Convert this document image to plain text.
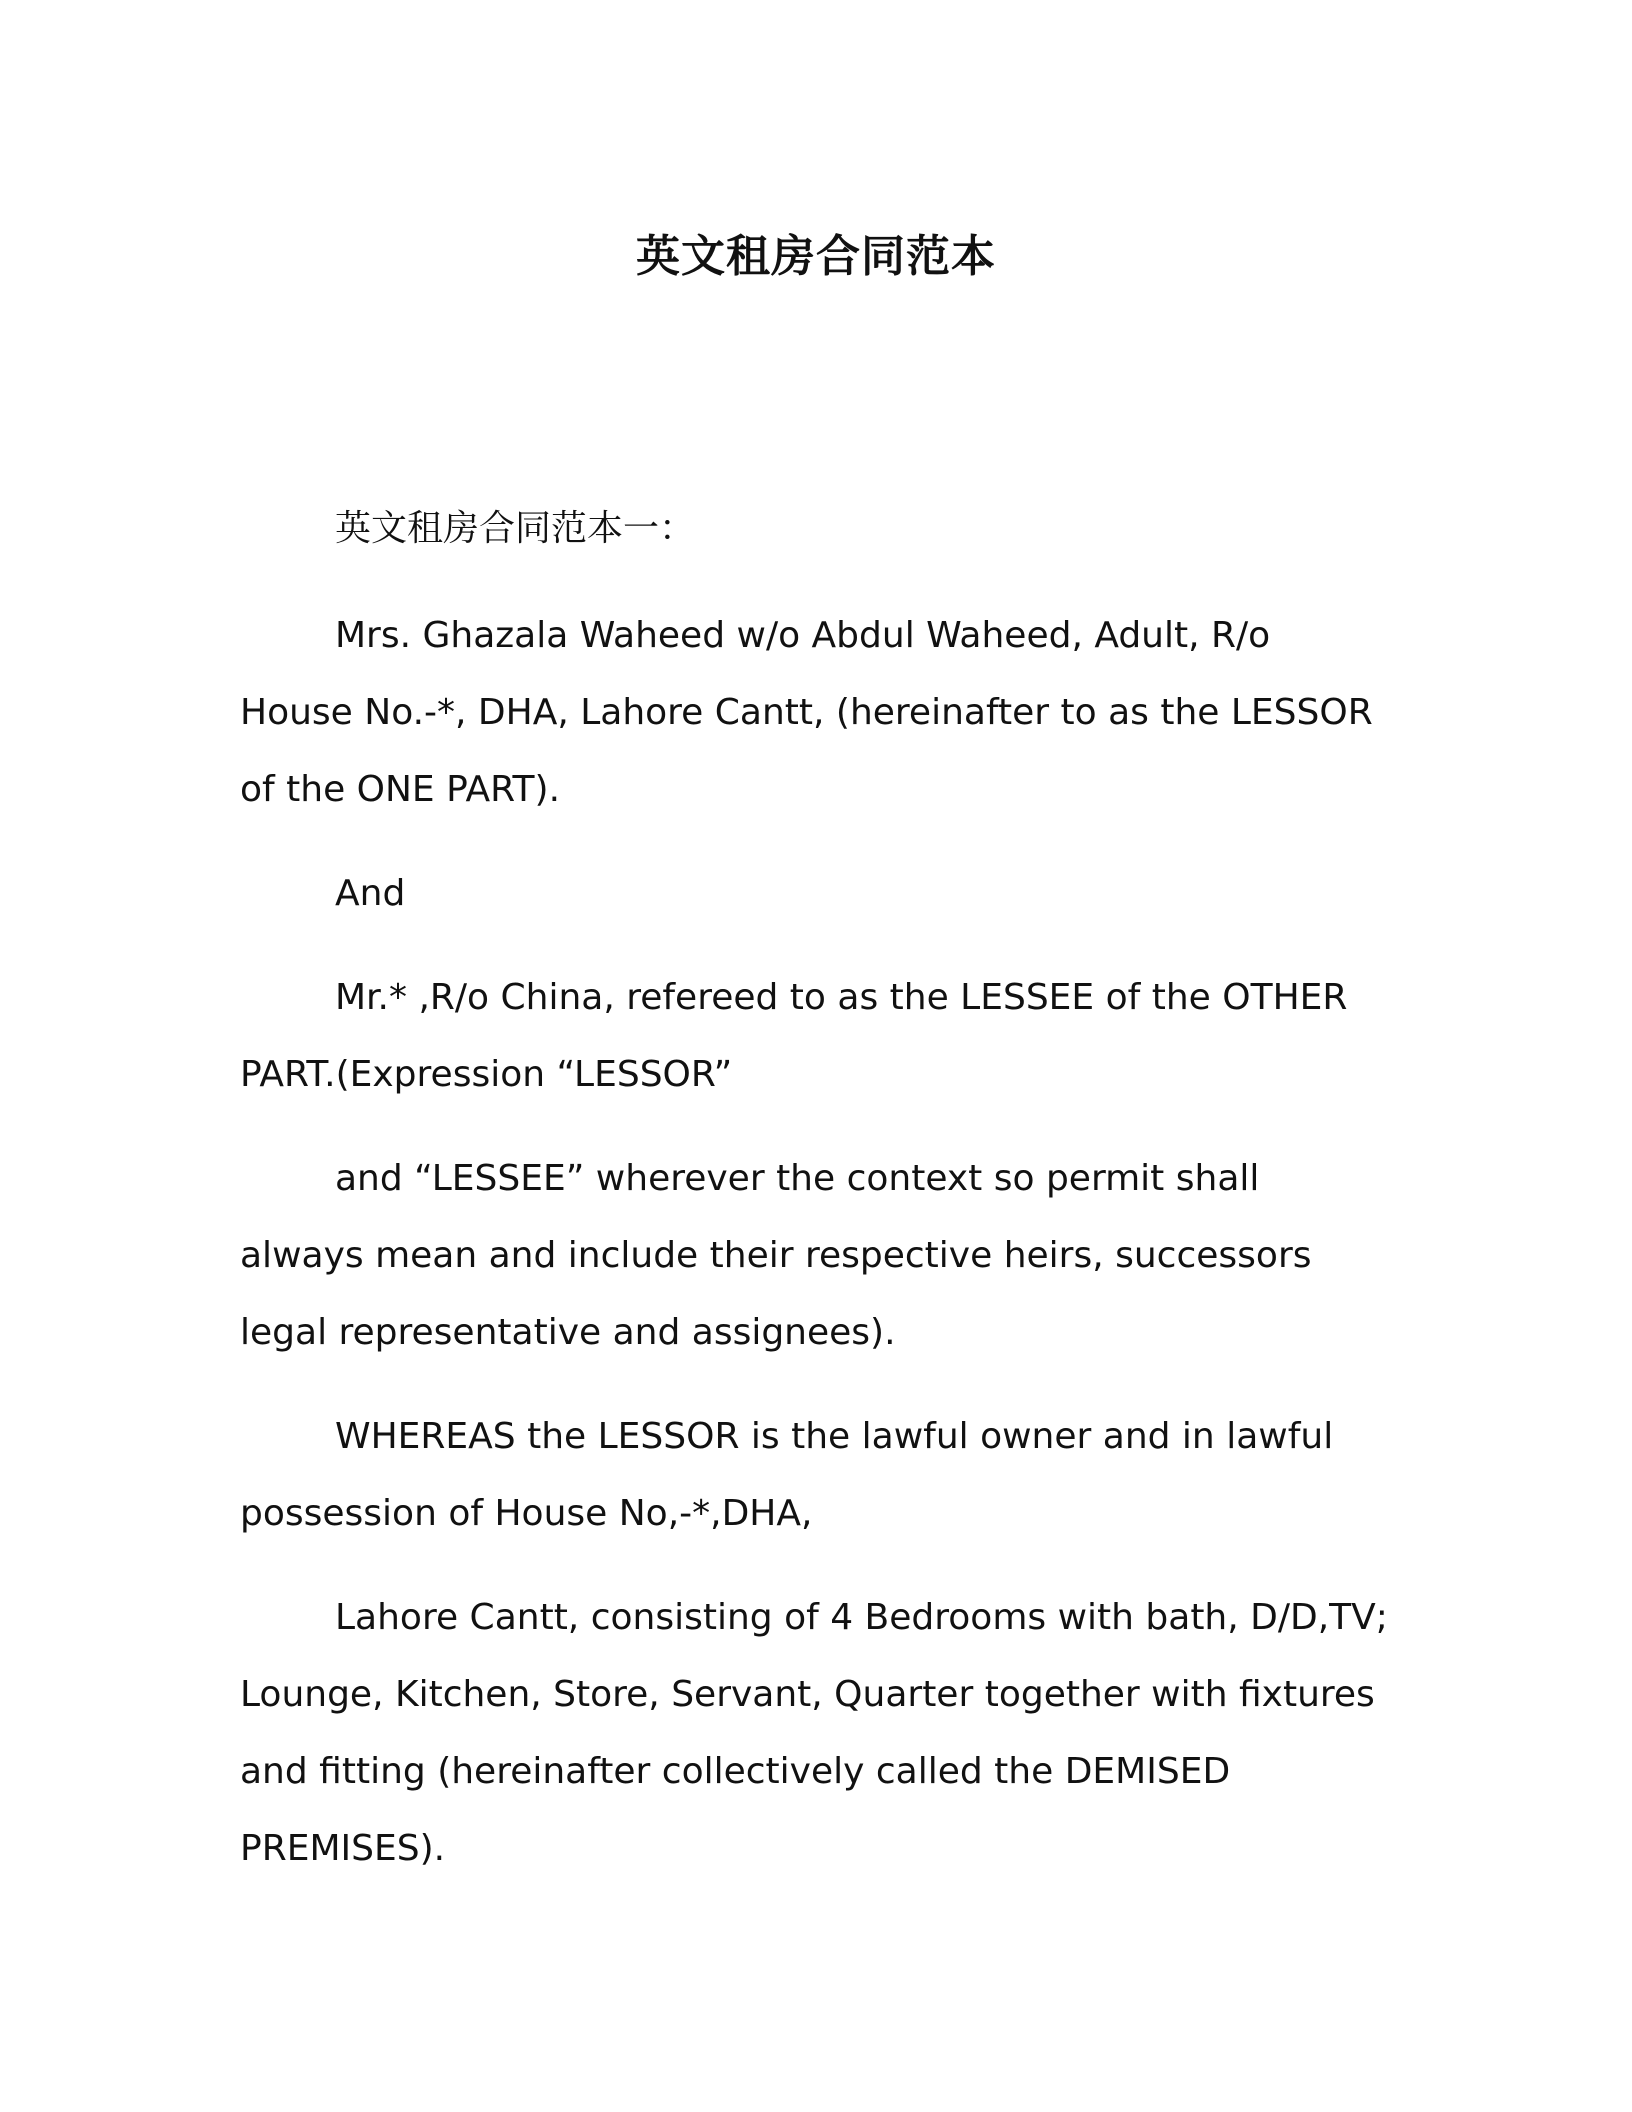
英文租房合同范本

英文租房合同范本一：

Mrs. Ghazala Waheed w/o Abdul Waheed, Adult, R/o House No.-*, DHA, Lahore Cantt, (hereinafter to as the LESSOR of the ONE PART).

And

Mr.* ,R/o China, refereed to as the LESSEE of the OTHER PART.(Expression “LESSOR”

and “LESSEE” wherever the context so permit shall always mean and include their respective heirs, successors legal representative and assignees).

WHEREAS the LESSOR is the lawful owner and in lawful possession of House No,-*,DHA,

Lahore Cantt, consisting of 4 Bedrooms with bath, D/D,TV; Lounge, Kitchen, Store, Servant, Quarter together with fixtures and fitting (hereinafter collectively called the DEMISED PREMISES).
